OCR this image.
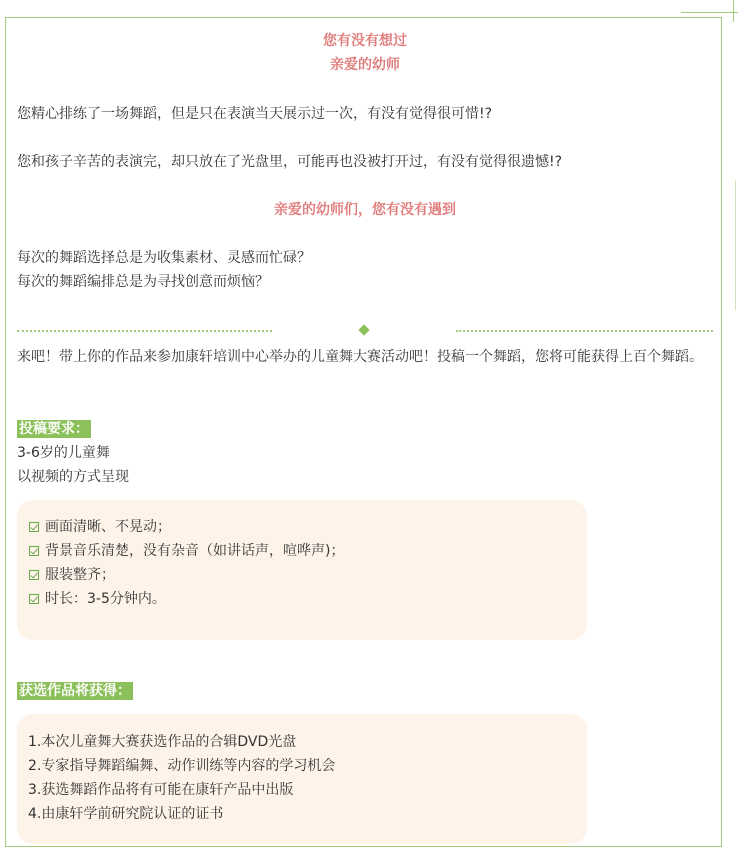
您有没有想过
亲爱的幼师
您精心排练了一场舞蹈，但是只在表演当天展示过一次，有没有觉得很可惜!?
您和孩子辛苦的表演完，却只放在了光盘里，可能再也没被打开过，有没有觉得很遗憾!?
亲爱的幼师们，您有没有遇到
每次的舞蹈选择总是为收集素材、灵感而忙碌？
每次的舞蹈编排总是为寻找创意而烦恼？
来吧！带上你的作品来参加康轩培训中心举办的儿童舞大赛活动吧！投稿一个舞蹈，您将可能获得上百个舞蹈。
投稿要求：
3-6岁的儿童舞
以视频的方式呈现
画面清晰、不晃动；
背景音乐清楚，没有杂音（如讲话声，喧哗声)；
服装整齐；
时长：3-5分钟内。
获选作品将获得：
1.本次儿童舞大赛获选作品的合辑DVD光盘
2.专家指导舞蹈编舞、动作训练等内容的学习机会
3.获选舞蹈作品将有可能在康轩产品中出版
4.由康轩学前研究院认证的证书
